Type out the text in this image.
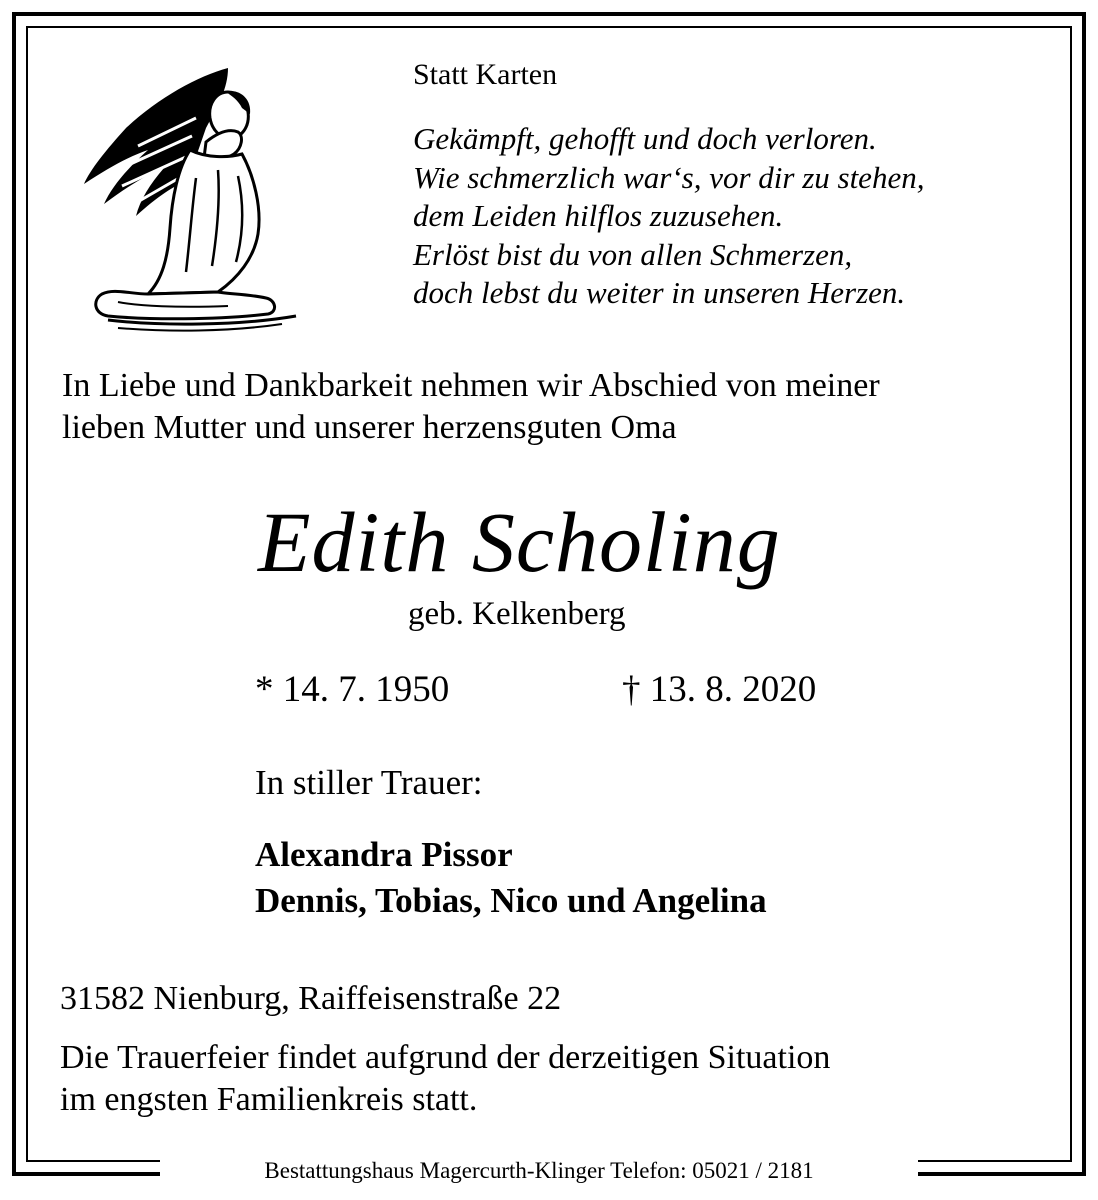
Statt Karten
Gekämpft, gehofft und doch verloren.
Wie schmerzlich war‘s, vor dir zu stehen,
dem Leiden hilflos zuzusehen.
Erlöst bist du von allen Schmerzen,
doch lebst du weiter in unseren Herzen.
In Liebe und Dankbarkeit nehmen wir Abschied von meiner
lieben Mutter und unserer herzensguten Oma
Edith Scholing
geb. Kelkenberg
* 14. 7. 1950	† 13. 8. 2020
In stiller Trauer:
Alexandra Pissor
Dennis, Tobias, Nico und Angelina
31582 Nienburg, Raiffeisenstraße 22
Die Trauerfeier findet aufgrund der derzeitigen Situation
im engsten Familienkreis statt.
Bestattungshaus Magercurth-Klinger Telefon: 05021 / 2181
